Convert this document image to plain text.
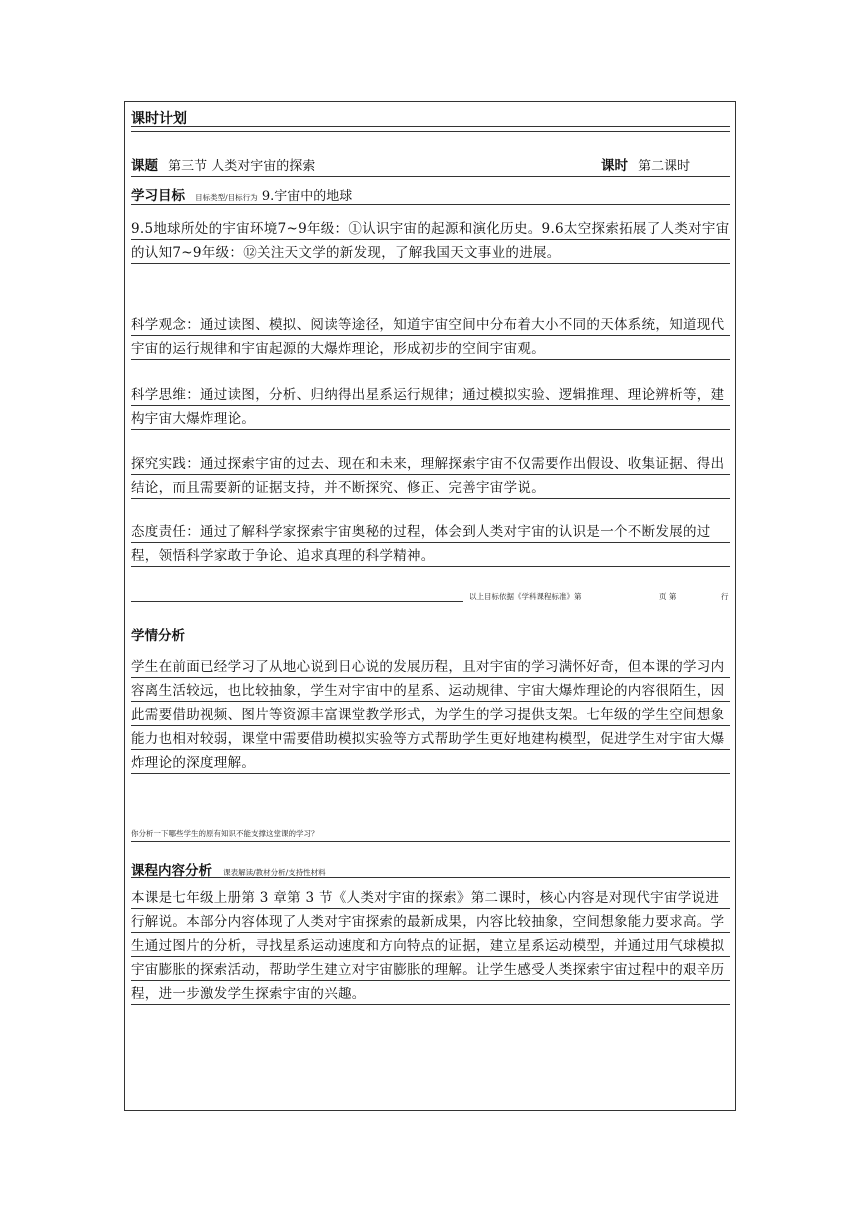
课时计划
课题 第三节 人类对宇宙的探索	课时 第二课时
学习目标 目标类型/目标行为 9.宇宙中的地球

9.5地球所处的宇宙环境7~9年级：①认识宇宙的起源和演化历史。9.6太空探索拓展了人类对宇宙的认知7~9年级：⑫关注天文学的新发现，了解我国天文事业的进展。

科学观念：通过读图、模拟、阅读等途径，知道宇宙空间中分布着大小不同的天体系统，知道现代宇宙的运行规律和宇宙起源的大爆炸理论，形成初步的空间宇宙观。

科学思维：通过读图，分析、归纳得出星系运行规律；通过模拟实验、逻辑推理、理论辨析等，建构宇宙大爆炸理论。

探究实践：通过探索宇宙的过去、现在和未来，理解探索宇宙不仅需要作出假设、收集证据、得出结论，而且需要新的证据支持，并不断探究、修正、完善宇宙学说。

态度责任：通过了解科学家探索宇宙奥秘的过程，体会到人类对宇宙的认识是一个不断发展的过程，领悟科学家敢于争论、追求真理的科学精神。

以上目标依据《学科课程标准》第	页 第	行
学情分析

学生在前面已经学习了从地心说到日心说的发展历程，且对宇宙的学习满怀好奇，但本课的学习内容离生活较远，也比较抽象，学生对宇宙中的星系、运动规律、宇宙大爆炸理论的内容很陌生，因此需要借助视频、图片等资源丰富课堂教学形式，为学生的学习提供支架。七年级的学生空间想象能力也相对较弱，课堂中需要借助模拟实验等方式帮助学生更好地建构模型，促进学生对宇宙大爆炸理论的深度理解。

你分析一下哪些学生的原有知识不能支撑这堂课的学习？
课程内容分析 课表解读/教材分析/支持性材料

本课是七年级上册第 3 章第 3 节《人类对宇宙的探索》第二课时，核心内容是对现代宇宙学说进行解说。本部分内容体现了人类对宇宙探索的最新成果，内容比较抽象，空间想象能力要求高。学生通过图片的分析，寻找星系运动速度和方向特点的证据，建立星系运动模型，并通过用气球模拟宇宙膨胀的探索活动，帮助学生建立对宇宙膨胀的理解。让学生感受人类探索宇宙过程中的艰辛历程，进一步激发学生探索宇宙的兴趣。
